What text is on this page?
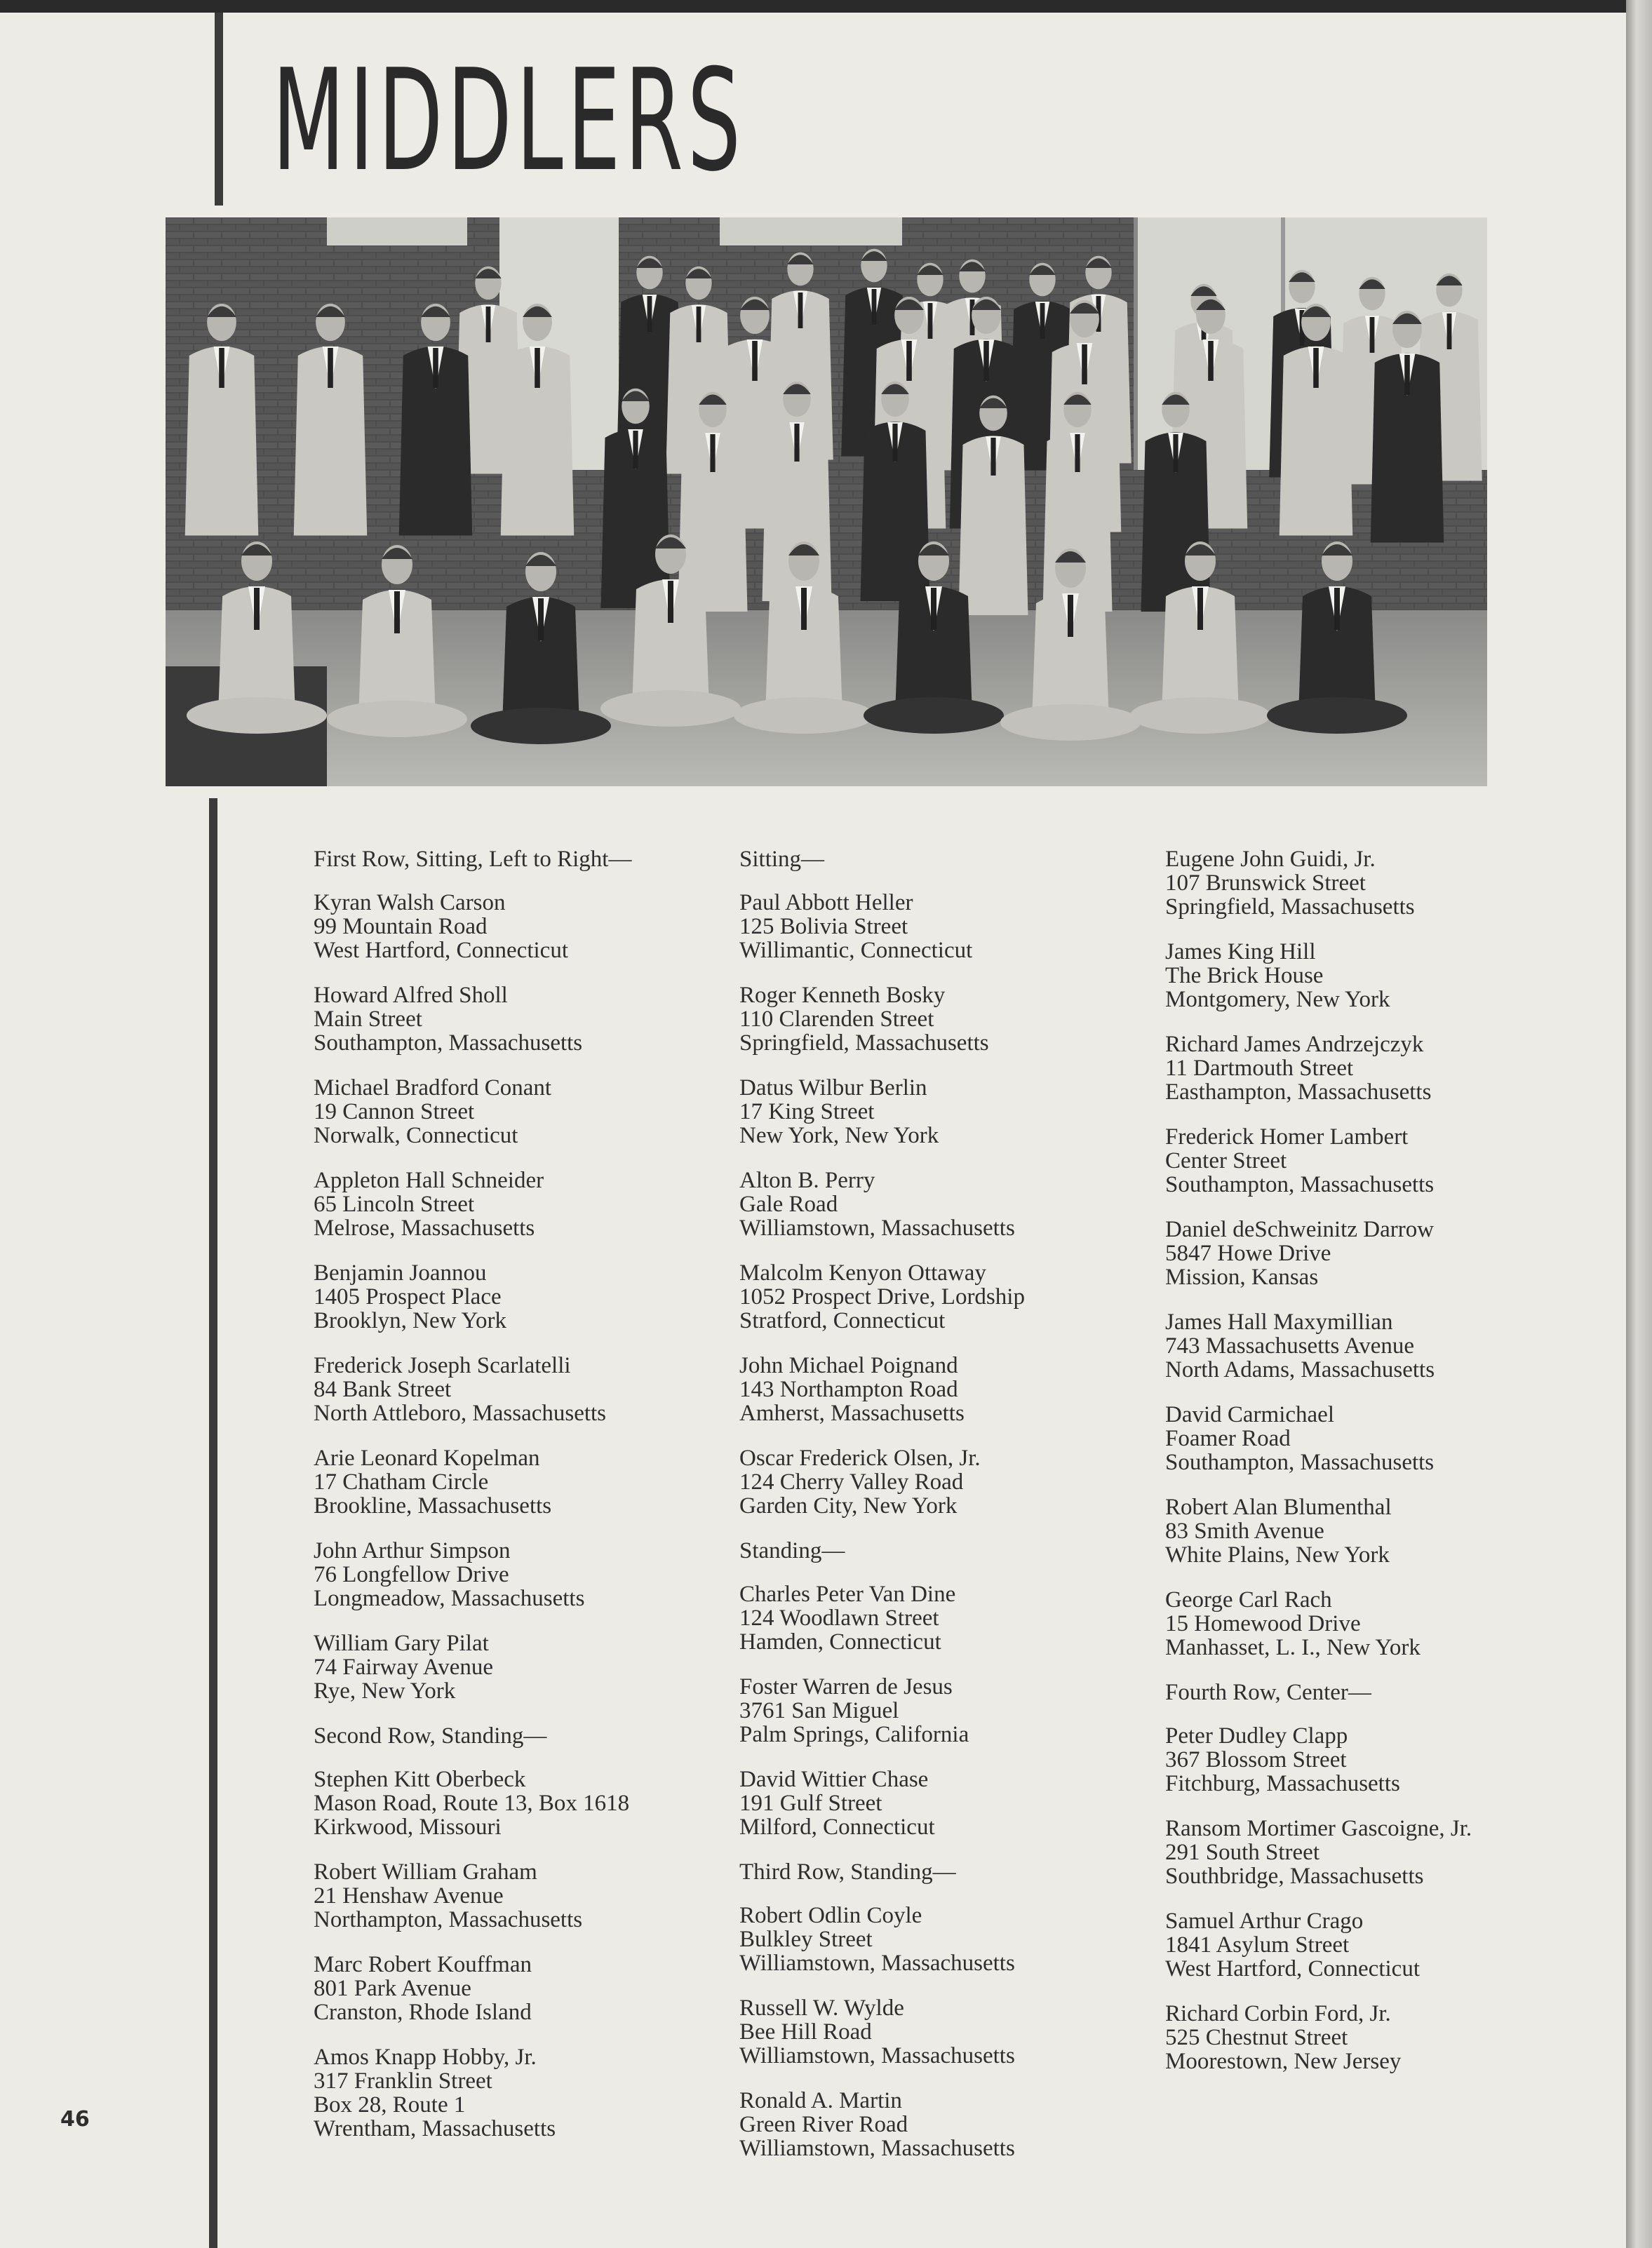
MIDDLERS
First Row, Sitting, Left to Right—
Kyran Walsh Carson
99 Mountain Road
West Hartford, Connecticut
Howard Alfred Sholl
Main Street
Southampton, Massachusetts
Michael Bradford Conant
19 Cannon Street
Norwalk, Connecticut
Appleton Hall Schneider
65 Lincoln Street
Melrose, Massachusetts
Benjamin Joannou
1405 Prospect Place
Brooklyn, New York
Frederick Joseph Scarlatelli
84 Bank Street
North Attleboro, Massachusetts
Arie Leonard Kopelman
17 Chatham Circle
Brookline, Massachusetts
John Arthur Simpson
76 Longfellow Drive
Longmeadow, Massachusetts
William Gary Pilat
74 Fairway Avenue
Rye, New York
Second Row, Standing—
Stephen Kitt Oberbeck
Mason Road, Route 13, Box 1618
Kirkwood, Missouri
Robert William Graham
21 Henshaw Avenue
Northampton, Massachusetts
Marc Robert Kouffman
801 Park Avenue
Cranston, Rhode Island
Amos Knapp Hobby, Jr.
317 Franklin Street
Box 28, Route 1
Wrentham, Massachusetts
Sitting—
Paul Abbott Heller
125 Bolivia Street
Willimantic, Connecticut
Roger Kenneth Bosky
110 Clarenden Street
Springfield, Massachusetts
Datus Wilbur Berlin
17 King Street
New York, New York
Alton B. Perry
Gale Road
Williamstown, Massachusetts
Malcolm Kenyon Ottaway
1052 Prospect Drive, Lordship
Stratford, Connecticut
John Michael Poignand
143 Northampton Road
Amherst, Massachusetts
Oscar Frederick Olsen, Jr.
124 Cherry Valley Road
Garden City, New York
Standing—
Charles Peter Van Dine
124 Woodlawn Street
Hamden, Connecticut
Foster Warren de Jesus
3761 San Miguel
Palm Springs, California
David Wittier Chase
191 Gulf Street
Milford, Connecticut
Third Row, Standing—
Robert Odlin Coyle
Bulkley Street
Williamstown, Massachusetts
Russell W. Wylde
Bee Hill Road
Williamstown, Massachusetts
Ronald A. Martin
Green River Road
Williamstown, Massachusetts
Eugene John Guidi, Jr.
107 Brunswick Street
Springfield, Massachusetts
James King Hill
The Brick House
Montgomery, New York
Richard James Andrzejczyk
11 Dartmouth Street
Easthampton, Massachusetts
Frederick Homer Lambert
Center Street
Southampton, Massachusetts
Daniel deSchweinitz Darrow
5847 Howe Drive
Mission, Kansas
James Hall Maxymillian
743 Massachusetts Avenue
North Adams, Massachusetts
David Carmichael
Foamer Road
Southampton, Massachusetts
Robert Alan Blumenthal
83 Smith Avenue
White Plains, New York
George Carl Rach
15 Homewood Drive
Manhasset, L. I., New York
Fourth Row, Center—
Peter Dudley Clapp
367 Blossom Street
Fitchburg, Massachusetts
Ransom Mortimer Gascoigne, Jr.
291 South Street
Southbridge, Massachusetts
Samuel Arthur Crago
1841 Asylum Street
West Hartford, Connecticut
Richard Corbin Ford, Jr.
525 Chestnut Street
Moorestown, New Jersey
46
